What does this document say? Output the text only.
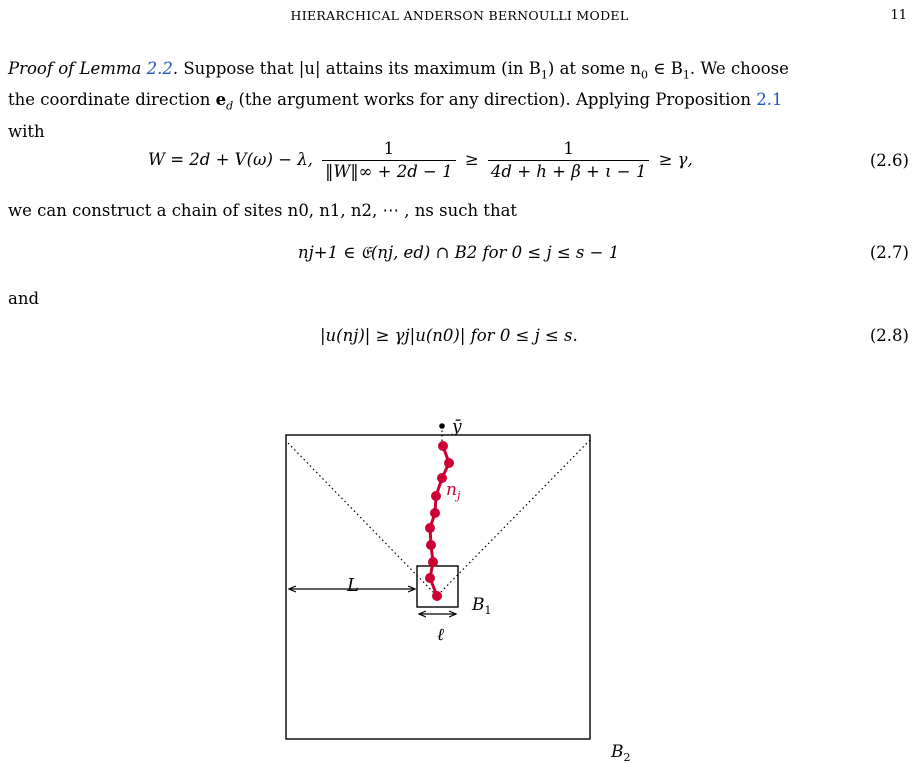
HIERARCHICAL ANDERSON BERNOULLI MODEL	11
Proof of Lemma 2.2. Suppose that |u| attains its maximum (in $B_1$) at some $n_0$ ∈ $B_1$. We choose
the coordinate direction $e_d$ (the argument works for any direction). Applying Proposition 2.1
with
W = 2d + V(ω) − λ, $\frac{1}{‖W‖\infty + 2d - 1} \ge \frac{1}{4d + h + \beta + \iota - 1} \ge \gamma$,	(2.6)
we can construct a chain of sites n0, n1, n2, ⋯ , ns such that
nj+1 ∈ 𝔈(nj, ed) ∩ B2 for 0 ≤ j ≤ s − 1	(2.7)
and
|u(nj)| ≥ γj|u(n0)| for 0 ≤ j ≤ s.	(2.8)
ȳ
L
ℓ
$B_1$
$B_2$
$n_j$
